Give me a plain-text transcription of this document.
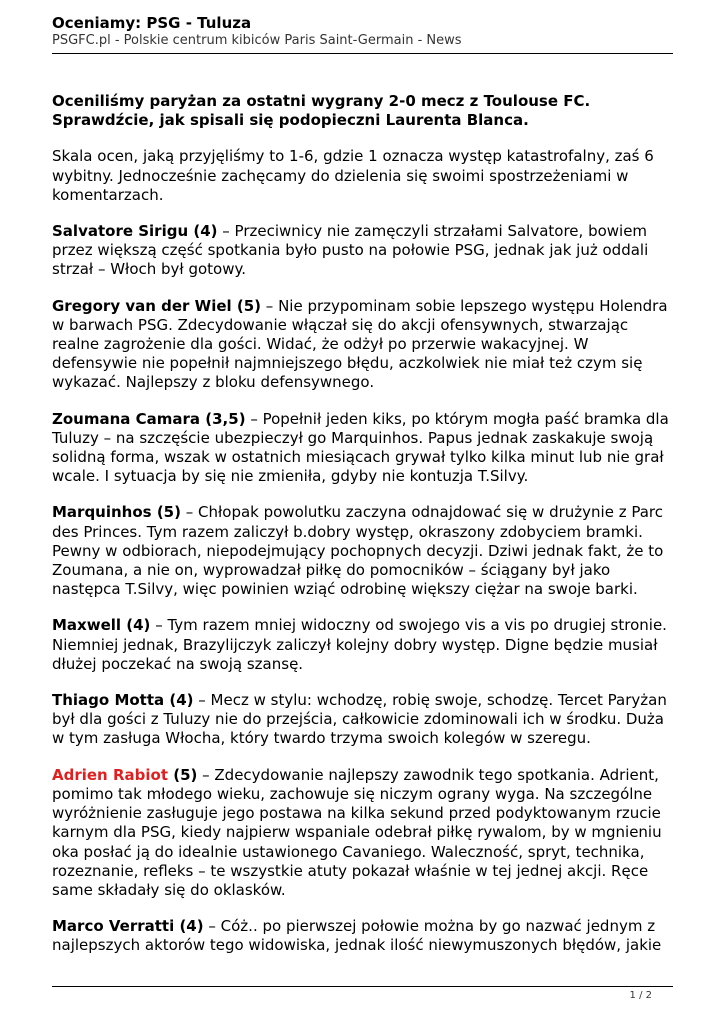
Oceniamy: PSG - Tuluza
PSGFC.pl - Polskie centrum kibiców Paris Saint-Germain - News

Oceniliśmy paryżan za ostatni wygrany 2-0 mecz z Toulouse FC. Sprawdźcie, jak spisali się podopieczni Laurenta Blanca.

Skala ocen, jaką przyjęliśmy to 1-6, gdzie 1 oznacza występ katastrofalny, zaś 6 wybitny. Jednocześnie zachęcamy do dzielenia się swoimi spostrzeżeniami w komentarzach.

Salvatore Sirigu (4) – Przeciwnicy nie zamęczyli strzałami Salvatore, bowiem przez większą część spotkania było pusto na połowie PSG, jednak jak już oddali strzał – Włoch był gotowy.

Gregory van der Wiel (5) – Nie przypominam sobie lepszego występu Holendra w barwach PSG. Zdecydowanie włączał się do akcji ofensywnych, stwarzając realne zagrożenie dla gości. Widać, że odżył po przerwie wakacyjnej. W defensywie nie popełnił najmniejszego błędu, aczkolwiek nie miał też czym się wykazać. Najlepszy z bloku defensywnego.

Zoumana Camara (3,5) – Popełnił jeden kiks, po którym mogła paść bramka dla Tuluzy – na szczęście ubezpieczył go Marquinhos. Papus jednak zaskakuje swoją solidną forma, wszak w ostatnich miesiącach grywał tylko kilka minut lub nie grał wcale. I sytuacja by się nie zmieniła, gdyby nie kontuzja T.Silvy.

Marquinhos (5) – Chłopak powolutku zaczyna odnajdować się w drużynie z Parc des Princes. Tym razem zaliczył b.dobry występ, okraszony zdobyciem bramki. Pewny w odbiorach, niepodejmujący pochopnych decyzji. Dziwi jednak fakt, że to Zoumana, a nie on, wyprowadzał piłkę do pomocników – ściągany był jako następca T.Silvy, więc powinien wziąć odrobinę większy ciężar na swoje barki.

Maxwell (4) – Tym razem mniej widoczny od swojego vis a vis po drugiej stronie. Niemniej jednak, Brazylijczyk zaliczył kolejny dobry występ. Digne będzie musiał dłużej poczekać na swoją szansę.

Thiago Motta (4) – Mecz w stylu: wchodzę, robię swoje, schodzę. Tercet Paryżan był dla gości z Tuluzy nie do przejścia, całkowicie zdominowali ich w środku. Duża w tym zasługa Włocha, który twardo trzyma swoich kolegów w szeregu.

Adrien Rabiot (5) – Zdecydowanie najlepszy zawodnik tego spotkania. Adrient, pomimo tak młodego wieku, zachowuje się niczym ograny wyga. Na szczególne wyróżnienie zasługuje jego postawa na kilka sekund przed podyktowanym rzucie karnym dla PSG, kiedy najpierw wspaniale odebrał piłkę rywalom, by w mgnieniu oka posłać ją do idealnie ustawionego Cavaniego. Waleczność, spryt, technika, rozeznanie, refleks – te wszystkie atuty pokazał właśnie w tej jednej akcji. Ręce same składały się do oklasków.

Marco Verratti (4) – Cóż.. po pierwszej połowie można by go nazwać jednym z najlepszych aktorów tego widowiska, jednak ilość niewymuszonych błędów, jakie

1 / 2
